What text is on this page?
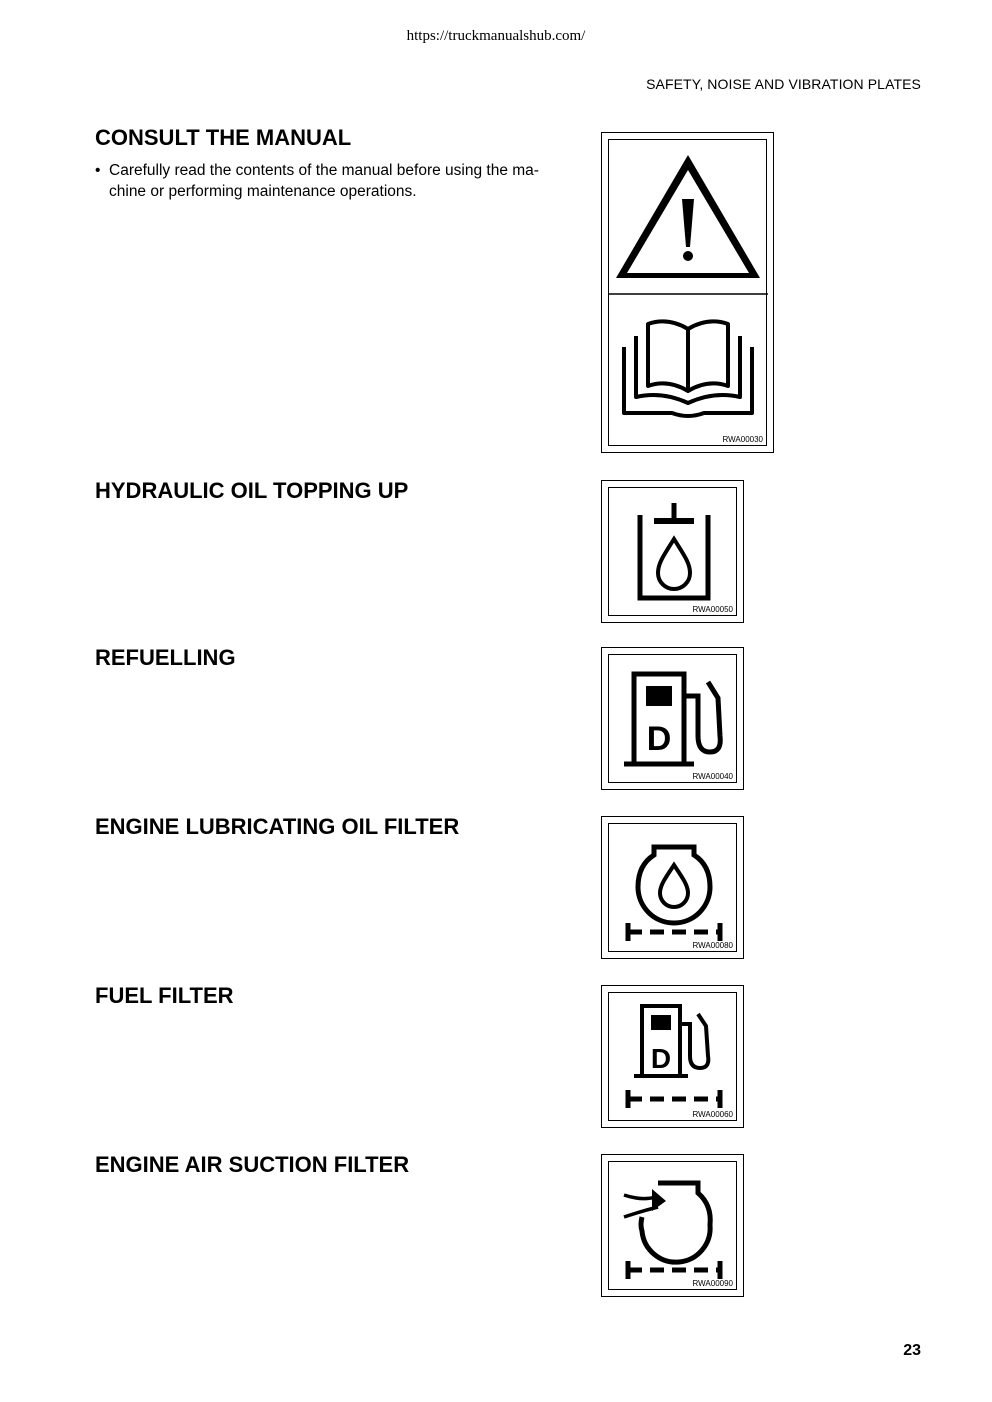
https://truckmanualshub.com/
SAFETY, NOISE AND VIBRATION PLATES
CONSULT THE MANUAL
• Carefully read the contents of the manual before using the ma- chine or performing maintenance operations.
RWA00030
HYDRAULIC OIL TOPPING UP
RWA00050
REFUELLING
D
RWA00040
ENGINE LUBRICATING OIL FILTER
RWA00080
FUEL FILTER
D
RWA00060
ENGINE AIR SUCTION FILTER
RWA00090
23
